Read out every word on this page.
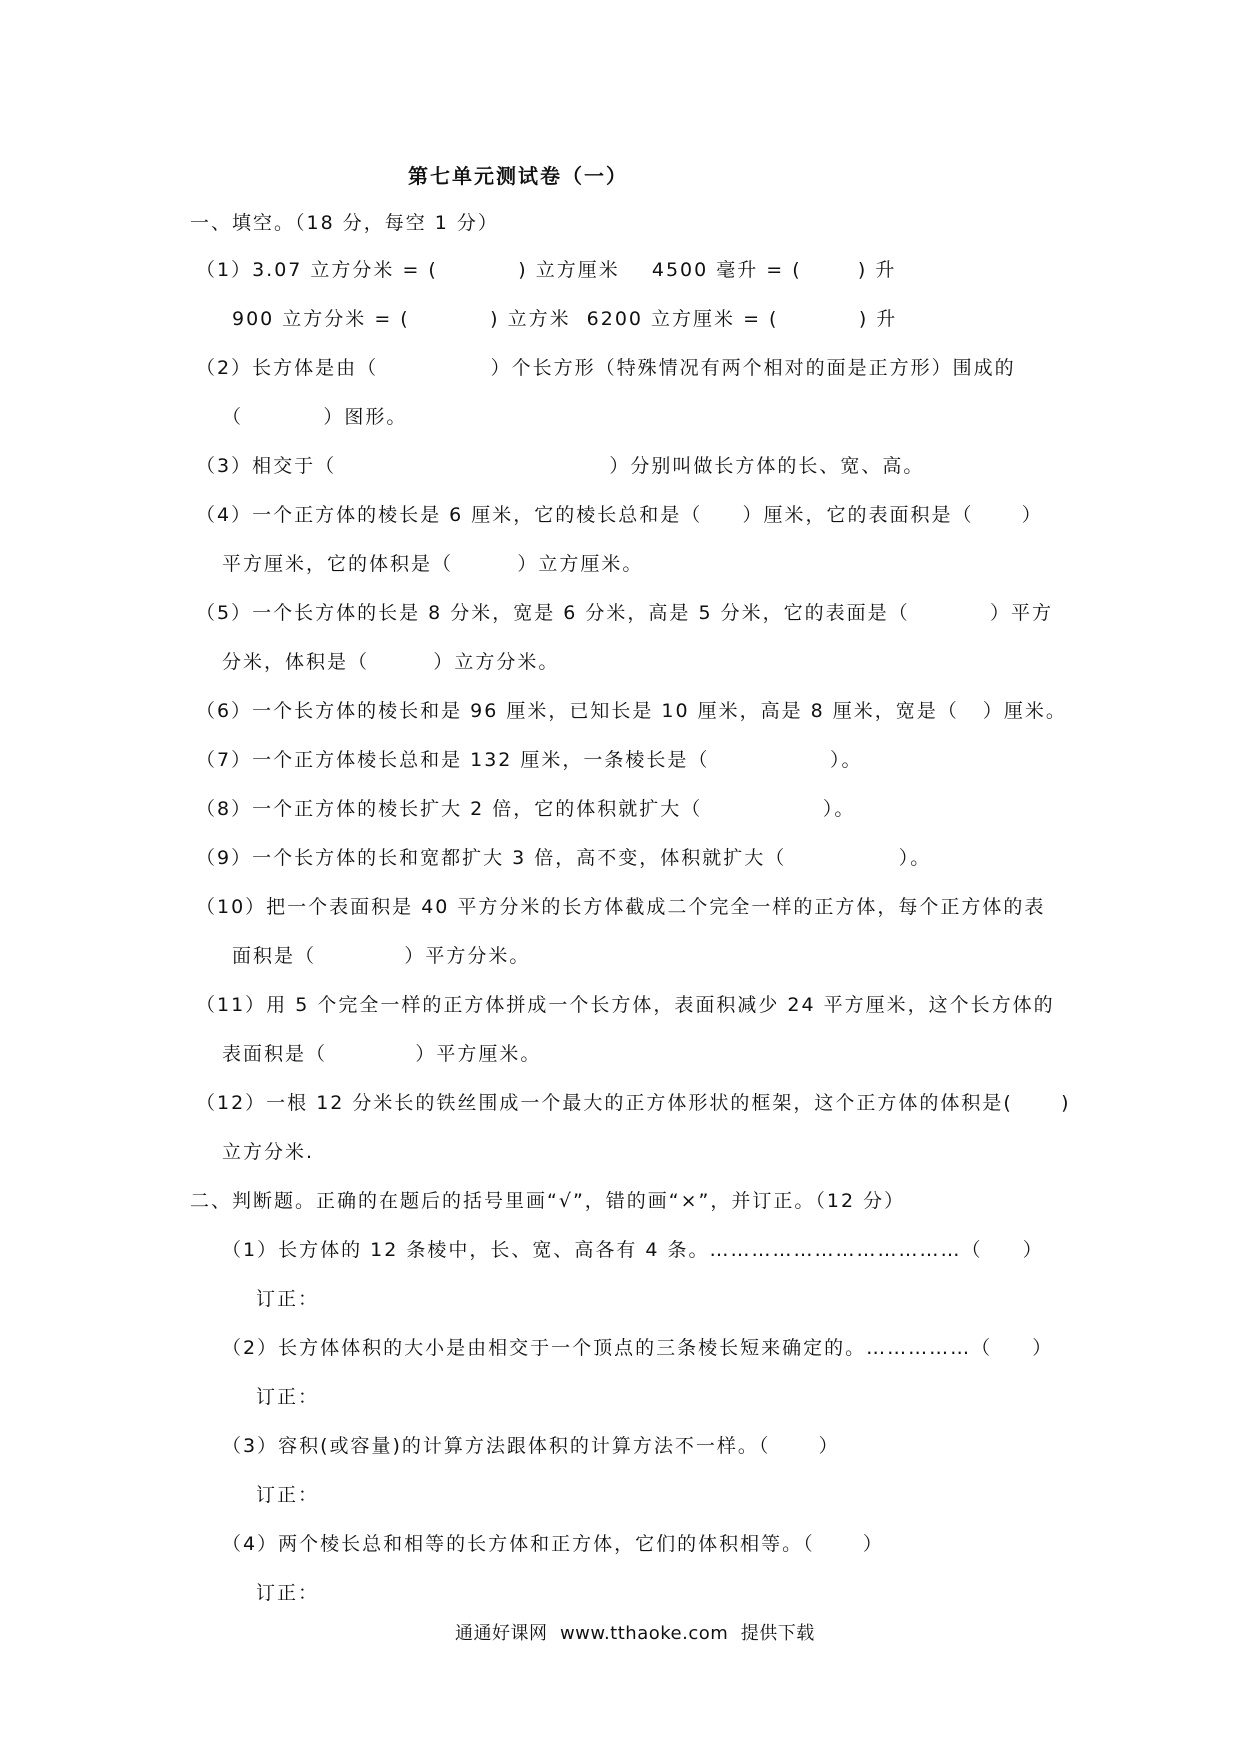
第七单元测试卷（一）
一、填空。（18 分，每空 1 分）
（1）3.07 立方分米 = (          ) 立方厘米    4500 毫升 = (       ) 升
900 立方分米 = (          ) 立方米  6200 立方厘米 = (          ) 升
（2）长方体是由（              ）个长方形（特殊情况有两个相对的面是正方形）围成的
（          ）图形。
（3）相交于（                                  ）分别叫做长方体的长、宽、高。
（4）一个正方体的棱长是 6 厘米，它的棱长总和是（     ）厘米，它的表面积是（      ）
平方厘米，它的体积是（        ）立方厘米。
（5）一个长方体的长是 8 分米，宽是 6 分米，高是 5 分米，它的表面是（          ）平方
分米，体积是（        ）立方分米。
（6）一个长方体的棱长和是 96 厘米，已知长是 10 厘米，高是 8 厘米，宽是（   ）厘米。
（7）一个正方体棱长总和是 132 厘米，一条棱长是（               ）。
（8）一个正方体的棱长扩大 2 倍，它的体积就扩大（               ）。
（9）一个长方体的长和宽都扩大 3 倍，高不变，体积就扩大（              ）。
（10）把一个表面积是 40 平方分米的长方体截成二个完全一样的正方体，每个正方体的表
面积是（           ）平方分米。
（11）用 5 个完全一样的正方体拼成一个长方体，表面积减少 24 平方厘米，这个长方体的
表面积是（           ）平方厘米。
（12）一根 12 分米长的铁丝围成一个最大的正方体形状的框架，这个正方体的体积是(      )
立方分米.
二、判断题。正确的在题后的括号里画“√”，错的画“×”，并订正。（12 分）
（1）长方体的 12 条棱中，长、宽、高各有 4 条。………………………………（     ）
订正：
（2）长方体体积的大小是由相交于一个顶点的三条棱长短来确定的。……………（     ）
订正：
（3）容积(或容量)的计算方法跟体积的计算方法不一样。（      ）
订正：
（4）两个棱长总和相等的长方体和正方体，它们的体积相等。（      ）
订正：
通通好课网  www.tthaoke.com  提供下载
